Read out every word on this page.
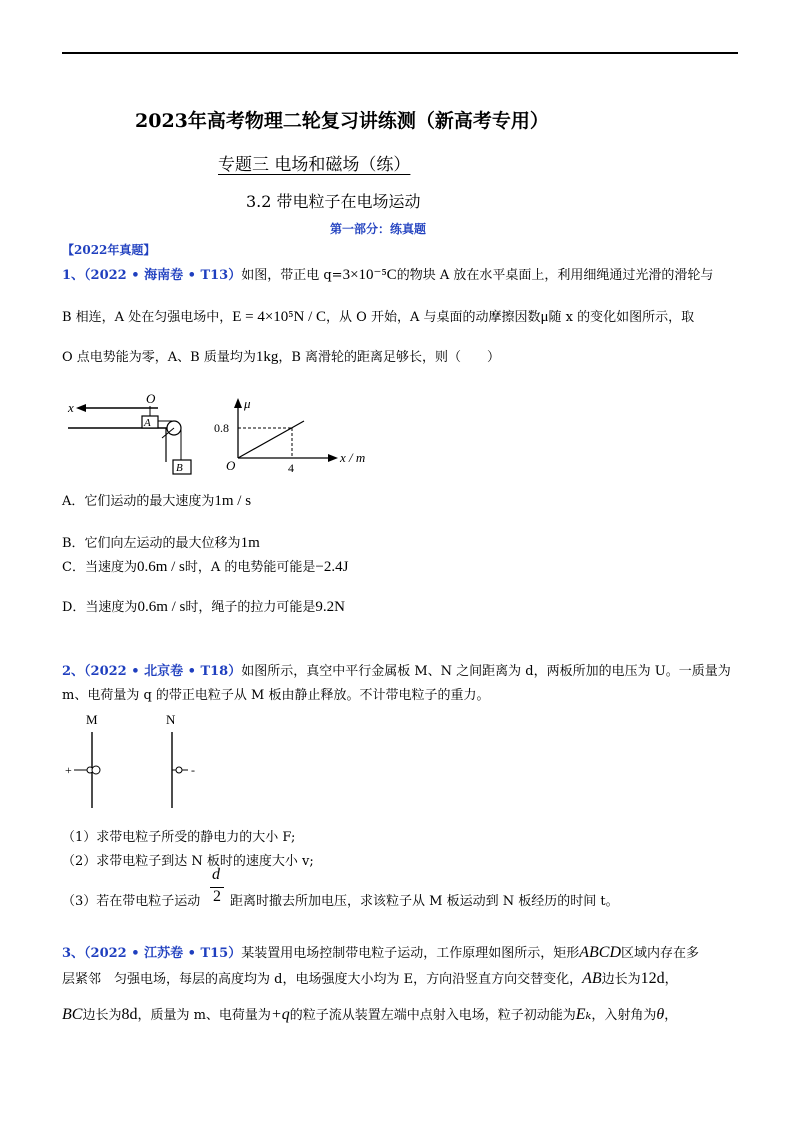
2023年高考物理二轮复习讲练测（新高考专用）
专题三 电场和磁场（练）
3.2 带电粒子在电场运动
第一部分：练真题
【2022年真题】
1、（2022 • 海南卷 • T13）如图，带正电 q=3×10⁻⁵C的物块 A 放在水平桌面上，利用细绳通过光滑的滑轮与
B 相连，A 处在匀强电场中，E = 4×10⁵N / C，从 O 开始，A 与桌面的动摩擦因数μ随 x 的变化如图所示，取
O 点电势能为零，A、B 质量均为1kg，B 离滑轮的距离足够长，则（　　）
x
O
A
B
μ
0.8
O	4
x / m
A．它们运动的最大速度为1m / s
B．它们向左运动的最大位移为1m
C．当速度为0.6m / s时，A 的电势能可能是−2.4J
D．当速度为0.6m / s时，绳子的拉力可能是9.2N
2、（2022 • 北京卷 • T18）如图所示，真空中平行金属板 M、N 之间距离为 d，两板所加的电压为 U。一质量为
m、电荷量为 q 的带正电粒子从 M 板由静止释放。不计带电粒子的重力。
M	N
+	-
（1）求带电粒子所受的静电力的大小 F;
（2）求带电粒子到达 N 板时的速度大小 v;
（3）若在带电粒子运动
d
2 距离时撤去所加电压，求该粒子从 M 板运动到 N 板经历的时间 t。
3、（2022 • 江苏卷 • T15）某装置用电场控制带电粒子运动，工作原理如图所示，矩形ABCD区域内存在多
层紧邻　匀强电场，每层的高度均为 d，电场强度大小均为 E，方向沿竖直方向交替变化，AB边长为12d，
BC边长为8d，质量为 m、电荷量为+q的粒子流从装置左端中点射入电场，粒子初动能为Eₖ，入射角为θ，
